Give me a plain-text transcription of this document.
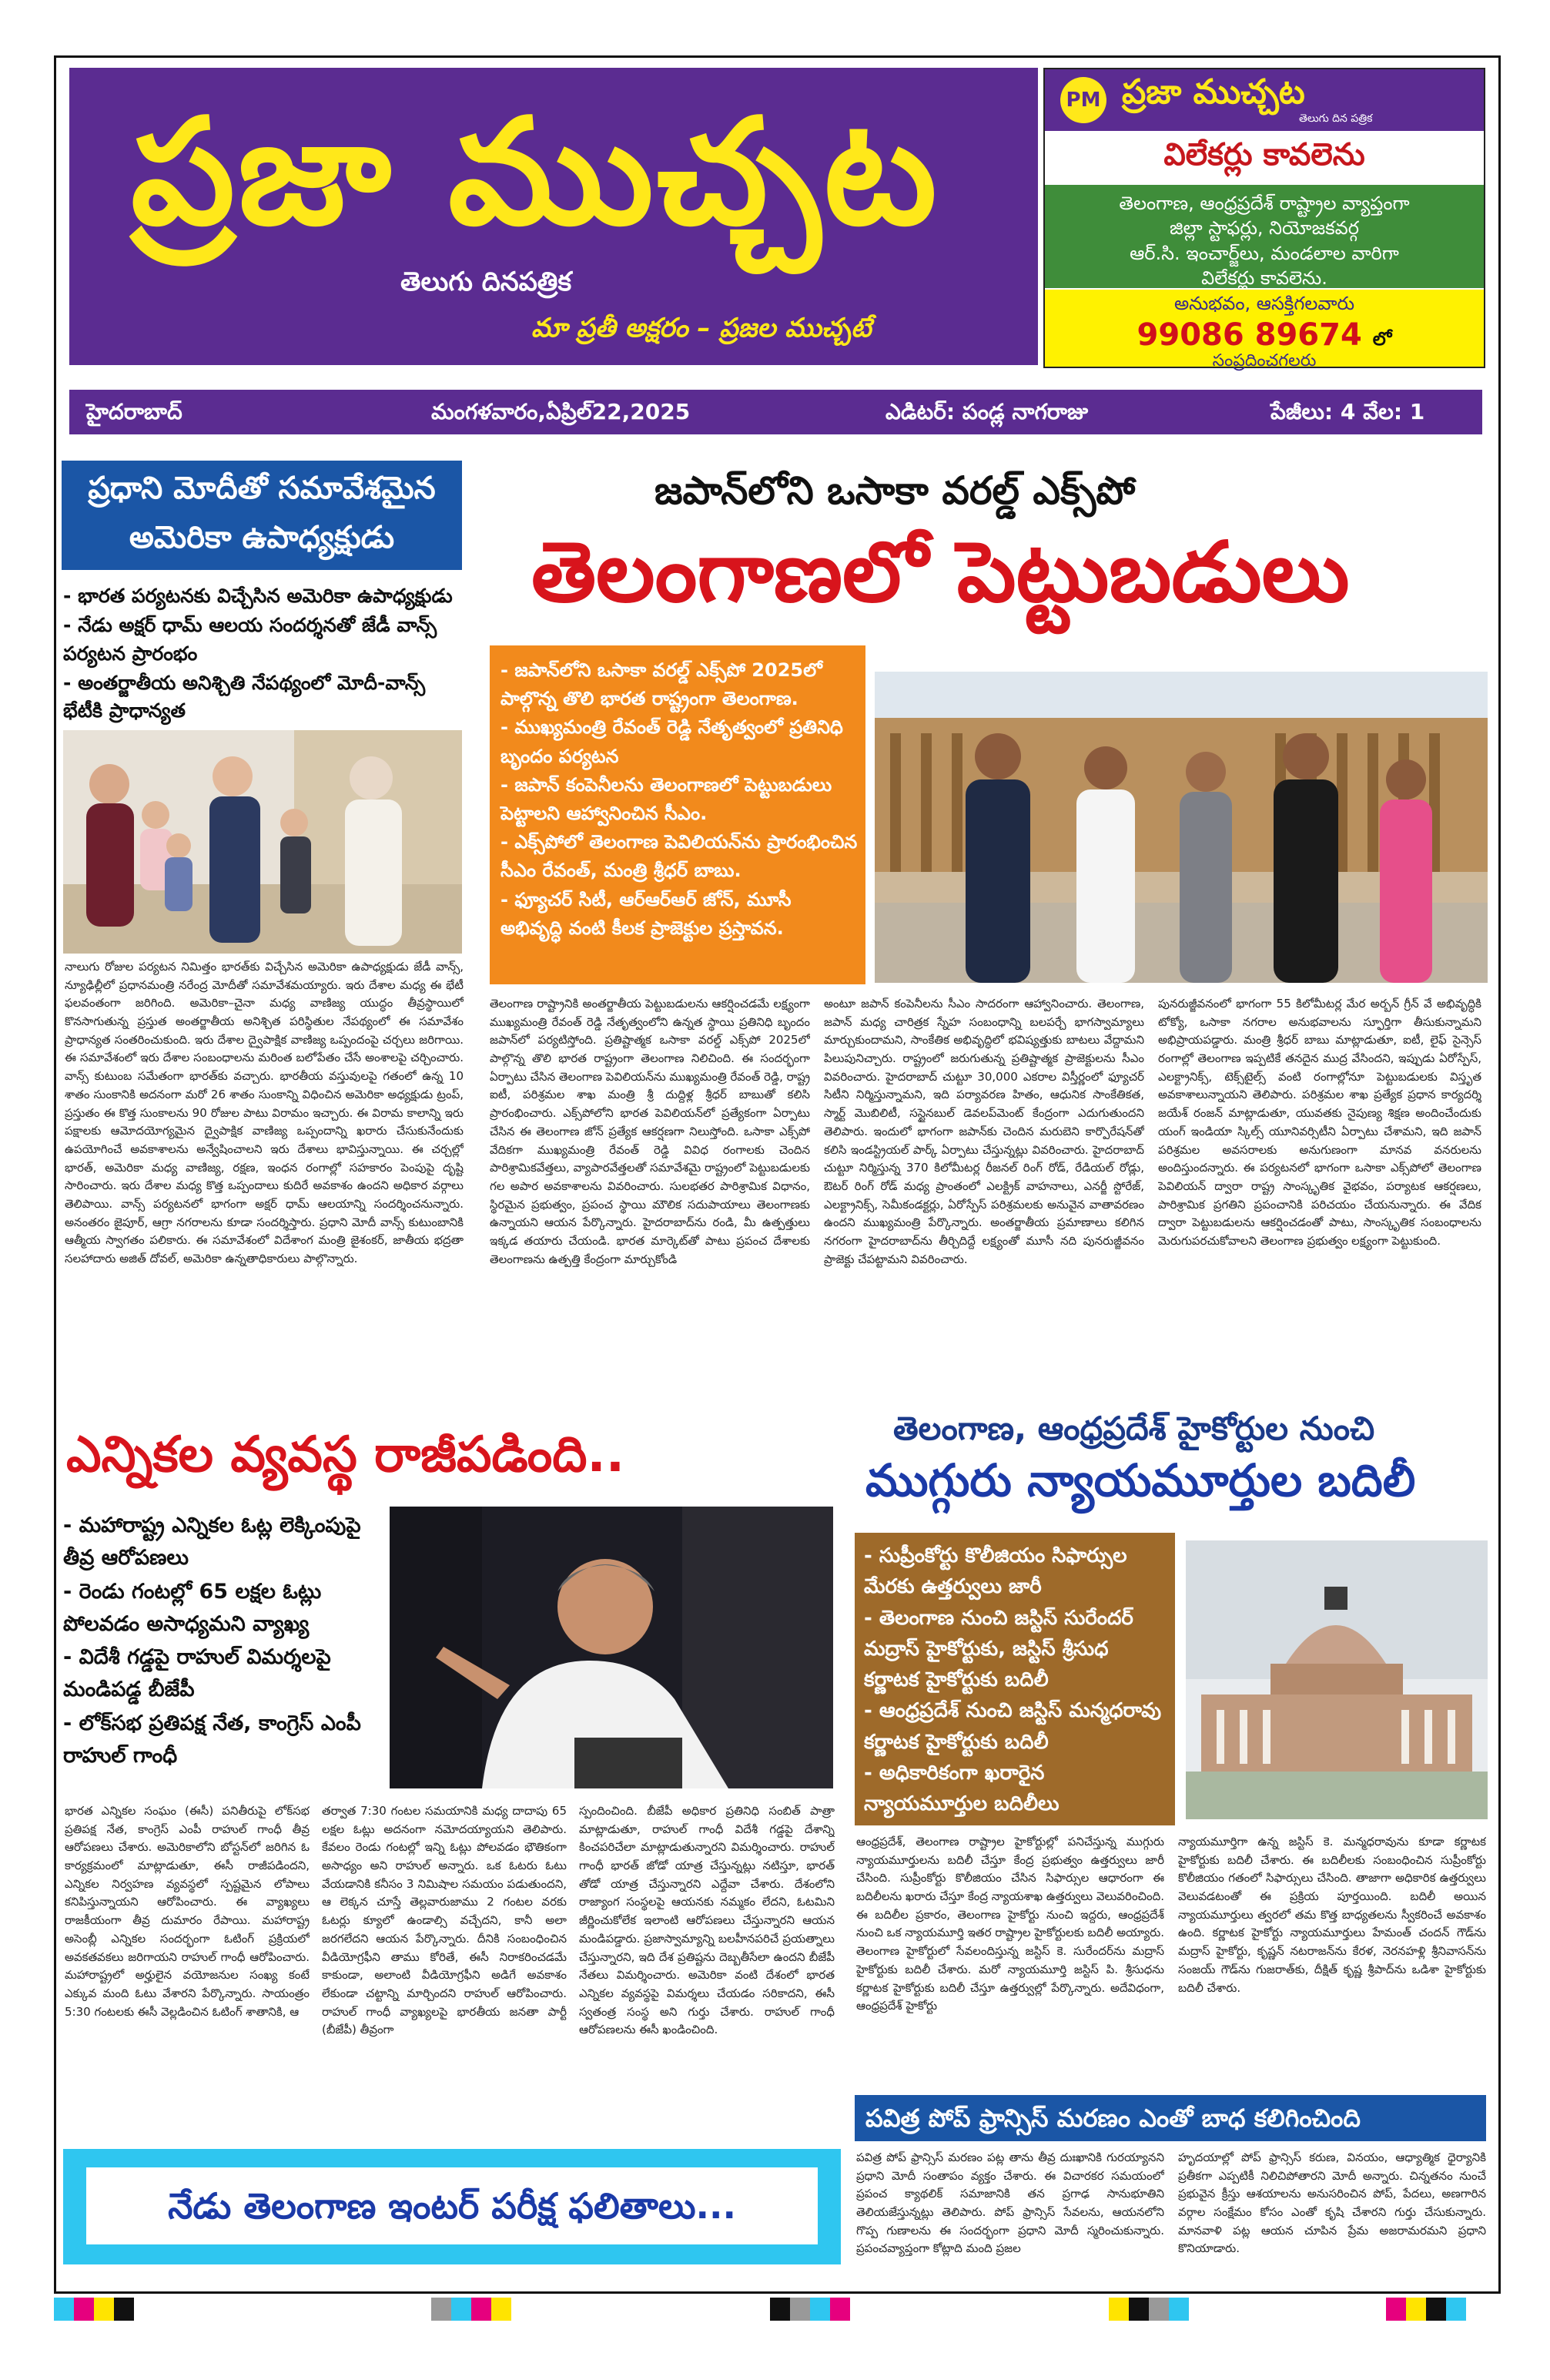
ప్రజా ముచ్చట
తెలుగు దినపత్రిక
మా ప్రతీ అక్షరం – ప్రజల ముచ్చటే
PM ప్రజా ముచ్చట
తెలుగు దిన పత్రిక
విలేకర్లు కావలెను
తెలంగాణ, ఆంధ్రప్రదేశ్ రాష్ట్రాల వ్యాప్తంగా
జిల్లా స్టాఫర్లు, నియోజకవర్గ
ఆర్.సి. ఇంచార్జ్‌లు, మండలాల వారిగా
విలేకర్లు కావలెను.
అనుభవం, ఆసక్తిగలవారు
99086 89674 లో
సంప్రదించగలరు
హైదరాబాద్	మంగళవారం,ఏప్రిల్22,2025	ఎడిటర్: పండ్ల నాగరాజు	పేజీలు: 4 వేల: 1
ప్రధాని మోదీతో సమావేశమైన
అమెరికా ఉపాధ్యక్షుడు
- భారత పర్యటనకు విచ్చేసిన అమెరికా ఉపాధ్యక్షుడు
- నేడు అక్షర్ ధామ్ ఆలయ సందర్శనతో జేడీ వాన్స్ పర్యటన ప్రారంభం
- అంతర్జాతీయ అనిశ్చితి నేపథ్యంలో మోదీ-వాన్స్ భేటీకి ప్రాధాన్యత
నాలుగు రోజుల పర్యటన నిమిత్తం భారత్‌కు విచ్చేసిన అమెరికా ఉపాధ్యక్షుడు జేడీ వాన్స్, న్యూఢిల్లీలో ప్రధానమంత్రి నరేంద్ర మోదీతో సమావేశమయ్యారు. ఇరు దేశాల మధ్య ఈ భేటీ ఫలవంతంగా జరిగింది. అమెరికా–చైనా మధ్య వాణిజ్య యుద్ధం తీవ్రస్థాయిలో కొనసాగుతున్న ప్రస్తుత అంతర్జాతీయ అనిశ్చిత పరిస్థితుల నేపథ్యంలో ఈ సమావేశం ప్రాధాన్యత సంతరించుకుంది. ఇరు దేశాల ద్వైపాక్షిక వాణిజ్య ఒప్పందంపై చర్చలు జరిగాయి. ఈ సమావేశంలో ఇరు దేశాల సంబంధాలను మరింత బలోపేతం చేసే అంశాలపై చర్చించారు. వాన్స్ కుటుంబ సమేతంగా భారత్‌కు వచ్చారు. భారతీయ వస్తువులపై గతంలో ఉన్న 10 శాతం సుంకానికి అదనంగా మరో 26 శాతం సుంకాన్ని విధించిన అమెరికా అధ్యక్షుడు ట్రంప్, ప్రస్తుతం ఈ కొత్త సుంకాలను 90 రోజుల పాటు విరామం ఇచ్చారు. ఈ విరామ కాలాన్ని ఇరు పక్షాలకు ఆమోదయోగ్యమైన ద్వైపాక్షిక వాణిజ్య ఒప్పందాన్ని ఖరారు చేసుకునేందుకు ఉపయోగించే అవకాశాలను అన్వేషించాలని ఇరు దేశాలు భావిస్తున్నాయి. ఈ చర్చల్లో భారత్, అమెరికా మధ్య వాణిజ్య, రక్షణ, ఇంధన రంగాల్లో సహకారం పెంపుపై దృష్టి సారించారు. ఇరు దేశాల మధ్య కొత్త ఒప్పందాలు కుదిరే అవకాశం ఉందని అధికార వర్గాలు తెలిపాయి. వాన్స్ పర్యటనలో భాగంగా అక్షర్ ధామ్ ఆలయాన్ని సందర్శించనున్నారు. అనంతరం జైపూర్, ఆగ్రా నగరాలను కూడా సందర్శిస్తారు. ప్రధాని మోదీ వాన్స్ కుటుంబానికి ఆత్మీయ స్వాగతం పలికారు. ఈ సమావేశంలో విదేశాంగ మంత్రి జైశంకర్, జాతీయ భద్రతా సలహాదారు అజిత్ దోవల్, అమెరికా ఉన్నతాధికారులు పాల్గొన్నారు.
జపాన్‌లోని ఒసాకా వరల్డ్ ఎక్స్‌పో
తెలంగాణలో పెట్టుబడులు
- జపాన్‌లోని ఒసాకా వరల్డ్ ఎక్స్‌పో 2025లో పాల్గొన్న తొలి భారత రాష్ట్రంగా తెలంగాణ.
- ముఖ్యమంత్రి రేవంత్ రెడ్డి నేతృత్వంలో ప్రతినిధి బృందం పర్యటన
- జపాన్ కంపెనీలను తెలంగాణలో పెట్టుబడులు పెట్టాలని ఆహ్వానించిన సీఎం.
- ఎక్స్‌పోలో తెలంగాణ పెవిలియన్‌ను ప్రారంభించిన సీఎం రేవంత్, మంత్రి శ్రీధర్ బాబు.
- ఫ్యూచర్ సిటీ, ఆర్ఆర్ఆర్ జోన్, మూసీ అభివృద్ధి వంటి కీలక ప్రాజెక్టుల ప్రస్తావన.
తెలంగాణ రాష్ట్రానికి అంతర్జాతీయ పెట్టుబడులను ఆకర్షించడమే లక్ష్యంగా ముఖ్యమంత్రి రేవంత్ రెడ్డి నేతృత్వంలోని ఉన్నత స్థాయి ప్రతినిధి బృందం జపాన్‌లో పర్యటిస్తోంది. ప్రతిష్టాత్మక ఒసాకా వరల్డ్ ఎక్స్‌పో 2025లో పాల్గొన్న తొలి భారత రాష్ట్రంగా తెలంగాణ నిలిచింది. ఈ సందర్భంగా ఏర్పాటు చేసిన తెలంగాణ పెవిలియన్‌ను ముఖ్యమంత్రి రేవంత్ రెడ్డి, రాష్ట్ర ఐటీ, పరిశ్రమల శాఖ మంత్రి శ్రీ దుద్దిళ్ల శ్రీధర్ బాబుతో కలిసి ప్రారంభించారు. ఎక్స్‌పోలోని భారత పెవిలియన్‌లో ప్రత్యేకంగా ఏర్పాటు చేసిన ఈ తెలంగాణ జోన్ ప్రత్యేక ఆకర్షణగా నిలుస్తోంది. ఒసాకా ఎక్స్‌పో వేదికగా ముఖ్యమంత్రి రేవంత్ రెడ్డి వివిధ రంగాలకు చెందిన పారిశ్రామికవేత్తలు, వ్యాపారవేత్తలతో సమావేశమై రాష్ట్రంలో పెట్టుబడులకు గల అపార అవకాశాలను వివరించారు. సులభతర పారిశ్రామిక విధానం, స్థిరమైన ప్రభుత్వం, ప్రపంచ స్థాయి మౌలిక సదుపాయాలు తెలంగాణకు ఉన్నాయని ఆయన పేర్కొన్నారు. హైదరాబాద్‌ను రండి, మీ ఉత్పత్తులు ఇక్కడ తయారు చేయండి. భారత మార్కెట్‌తో పాటు ప్రపంచ దేశాలకు తెలంగాణను ఉత్పత్తి కేంద్రంగా మార్చుకోండి
అంటూ జపాన్ కంపెనీలను సీఎం సాదరంగా ఆహ్వానించారు. తెలంగాణ, జపాన్ మధ్య చారిత్రక స్నేహ సంబంధాన్ని బలపర్చే భాగస్వామ్యాలు మార్చుకుందామని, సాంకేతిక అభివృద్ధిలో భవిష్యత్తుకు బాటలు వేద్దామని పిలుపునిచ్చారు. రాష్ట్రంలో జరుగుతున్న ప్రతిష్టాత్మక ప్రాజెక్టులను సీఎం వివరించారు. హైదరాబాద్ చుట్టూ 30,000 ఎకరాల విస్తీర్ణంలో ఫ్యూచర్ సిటీని నిర్మిస్తున్నామని, ఇది పర్యావరణ హితం, ఆధునిక సాంకేతికత, స్మార్ట్ మొబిలిటీ, సస్టైనబుల్ డెవలప్‌మెంట్ కేంద్రంగా ఎదుగుతుందని తెలిపారు. ఇందులో భాగంగా జపాన్‌కు చెందిన మరుబెని కార్పొరేషన్‌తో కలిసి ఇండస్ట్రియల్ పార్క్ ఏర్పాటు చేస్తున్నట్లు వివరించారు. హైదరాబాద్ చుట్టూ నిర్మిస్తున్న 370 కిలోమీటర్ల రీజనల్ రింగ్ రోడ్, రేడియల్ రోడ్లు, ఔటర్ రింగ్ రోడ్ మధ్య ప్రాంతంలో ఎలక్ట్రిక్ వాహనాలు, ఎనర్జీ స్టోరేజ్, ఎలక్ట్రానిక్స్, సెమీకండక్టర్లు, ఏరోస్పేస్ పరిశ్రమలకు అనువైన వాతావరణం ఉందని ముఖ్యమంత్రి పేర్కొన్నారు. అంతర్జాతీయ ప్రమాణాలు కలిగిన నగరంగా హైదరాబాద్‌ను తీర్చిదిద్దే లక్ష్యంతో మూసీ నది పునరుజ్జీవనం ప్రాజెక్టు చేపట్టామని వివరించారు.
పునరుజ్జీవనంలో భాగంగా 55 కిలోమీటర్ల మేర అర్బన్ గ్రీన్ వే అభివృద్ధికి టోక్యో, ఒసాకా నగరాల అనుభవాలను స్ఫూర్తిగా తీసుకున్నామని అభిప్రాయపడ్డారు. మంత్రి శ్రీధర్ బాబు మాట్లాడుతూ, ఐటీ, లైఫ్ సైన్సెస్ రంగాల్లో తెలంగాణ ఇప్పటికే తనదైన ముద్ర వేసిందని, ఇప్పుడు ఏరోస్పేస్, ఎలక్ట్రానిక్స్, టెక్స్‌టైల్స్ వంటి రంగాల్లోనూ పెట్టుబడులకు విస్తృత అవకాశాలున్నాయని తెలిపారు. పరిశ్రమల శాఖ ప్రత్యేక ప్రధాన కార్యదర్శి జయేశ్ రంజన్ మాట్లాడుతూ, యువతకు నైపుణ్య శిక్షణ అందించేందుకు యంగ్ ఇండియా స్కిల్స్ యూనివర్సిటీని ఏర్పాటు చేశామని, ఇది జపాన్ పరిశ్రమల అవసరాలకు అనుగుణంగా మానవ వనరులను అందిస్తుందన్నారు. ఈ పర్యటనలో భాగంగా ఒసాకా ఎక్స్‌పోలో తెలంగాణ పెవిలియన్ ద్వారా రాష్ట్ర సాంస్కృతిక వైభవం, పర్యాటక ఆకర్షణలు, పారిశ్రామిక ప్రగతిని ప్రపంచానికి పరిచయం చేయనున్నారు. ఈ వేదిక ద్వారా పెట్టుబడులను ఆకర్షించడంతో పాటు, సాంస్కృతిక సంబంధాలను మెరుగుపరచుకోవాలని తెలంగాణ ప్రభుత్వం లక్ష్యంగా పెట్టుకుంది.
ఎన్నికల వ్యవస్థ రాజీపడింది..
- మహారాష్ట్ర ఎన్నికల ఓట్ల లెక్కింపుపై తీవ్ర ఆరోపణలు
- రెండు గంటల్లో 65 లక్షల ఓట్లు పోలవడం అసాధ్యమని వ్యాఖ్య
- విదేశీ గడ్డపై రాహుల్ విమర్శలపై మండిపడ్డ బీజేపీ
- లోక్‌సభ ప్రతిపక్ష నేత, కాంగ్రెస్ ఎంపీ రాహుల్ గాంధీ
భారత ఎన్నికల సంఘం (ఈసీ) పనితీరుపై లోక్‌సభ ప్రతిపక్ష నేత, కాంగ్రెస్ ఎంపీ రాహుల్ గాంధీ తీవ్ర ఆరోపణలు చేశారు. అమెరికాలోని బోస్టన్‌లో జరిగిన ఓ కార్యక్రమంలో మాట్లాడుతూ, ఈసీ రాజీపడిందని, ఎన్నికల నిర్వహణ వ్యవస్థలో స్పష్టమైన లోపాలు కనిపిస్తున్నాయని ఆరోపించారు. ఈ వ్యాఖ్యలు రాజకీయంగా తీవ్ర దుమారం రేపాయి. మహారాష్ట్ర అసెంబ్లీ ఎన్నికల సందర్భంగా ఓటింగ్ ప్రక్రియలో అవకతవకలు జరిగాయని రాహుల్ గాంధీ ఆరోపించారు. మహారాష్ట్రలో అర్హులైన వయోజనుల సంఖ్య కంటే ఎక్కువ మంది ఓటు వేశారని పేర్కొన్నారు. సాయంత్రం 5:30 గంటలకు ఈసీ వెల్లడించిన ఓటింగ్ శాతానికి, ఆ
తర్వాత 7:30 గంటల సమయానికి మధ్య దాదాపు 65 లక్షల ఓట్లు అదనంగా నమోదయ్యాయని తెలిపారు. కేవలం రెండు గంటల్లో ఇన్ని ఓట్లు పోలవడం భౌతికంగా అసాధ్యం అని రాహుల్ అన్నారు. ఒక ఓటరు ఓటు వేయడానికి కనీసం 3 నిమిషాల సమయం పడుతుందని, ఆ లెక్కన చూస్తే తెల్లవారుజాము 2 గంటల వరకు ఓటర్లు క్యూలో ఉండాల్సి వచ్చేదని, కానీ అలా జరగలేదని ఆయన పేర్కొన్నారు. దీనికి సంబంధించిన వీడియోగ్రఫీని తాము కోరితే, ఈసీ నిరాకరించడమే కాకుండా, అలాంటి వీడియోగ్రఫీని అడిగే అవకాశం లేకుండా చట్టాన్ని మార్చిందని రాహుల్ ఆరోపించారు. రాహుల్ గాంధీ వ్యాఖ్యలపై భారతీయ జనతా పార్టీ (బీజేపీ) తీవ్రంగా
స్పందించింది. బీజేపీ అధికార ప్రతినిధి సంబిత్ పాత్రా మాట్లాడుతూ, రాహుల్ గాంధీ విదేశీ గడ్డపై దేశాన్ని కించపరిచేలా మాట్లాడుతున్నారని విమర్శించారు. రాహుల్ గాంధీ భారత్ జోడో యాత్ర చేస్తున్నట్లు నటిస్తూ, భారత్ తోడో యాత్ర చేస్తున్నారని ఎద్దేవా చేశారు. దేశంలోని రాజ్యాంగ సంస్థలపై ఆయనకు నమ్మకం లేదని, ఓటమిని జీర్ణించుకోలేక ఇలాంటి ఆరోపణలు చేస్తున్నారని ఆయన మండిపడ్డారు. ప్రజాస్వామ్యాన్ని బలహీనపరిచే ప్రయత్నాలు చేస్తున్నారని, ఇది దేశ ప్రతిష్టను దెబ్బతీసేలా ఉందని బీజేపీ నేతలు విమర్శించారు. అమెరికా వంటి దేశంలో భారత ఎన్నికల వ్యవస్థపై విమర్శలు చేయడం సరికాదని, ఈసీ స్వతంత్ర సంస్థ అని గుర్తు చేశారు. రాహుల్ గాంధీ ఆరోపణలను ఈసీ ఖండించింది.
తెలంగాణ, ఆంధ్రప్రదేశ్ హైకోర్టుల నుంచి
ముగ్గురు న్యాయమూర్తుల బదిలీ
- సుప్రీంకోర్టు కొలీజియం సిఫార్సుల మేరకు ఉత్తర్వులు జారీ
- తెలంగాణ నుంచి జస్టిస్ సురేందర్ మద్రాస్ హైకోర్టుకు, జస్టిస్ శ్రీసుధ కర్ణాటక హైకోర్టుకు బదిలీ
- ఆంధ్రప్రదేశ్ నుంచి జస్టిస్ మన్మధరావు కర్ణాటక హైకోర్టుకు బదిలీ
- అధికారికంగా ఖరారైన న్యాయమూర్తుల బదిలీలు
ఆంధ్రప్రదేశ్, తెలంగాణ రాష్ట్రాల హైకోర్టుల్లో పనిచేస్తున్న ముగ్గురు న్యాయమూర్తులను బదిలీ చేస్తూ కేంద్ర ప్రభుత్వం ఉత్తర్వులు జారీ చేసింది. సుప్రీంకోర్టు కొలీజియం చేసిన సిఫార్సుల ఆధారంగా ఈ బదిలీలను ఖరారు చేస్తూ కేంద్ర న్యాయశాఖ ఉత్తర్వులు వెలువరించింది. ఈ బదిలీల ప్రకారం, తెలంగాణ హైకోర్టు నుంచి ఇద్దరు, ఆంధ్రప్రదేశ్ నుంచి ఒక న్యాయమూర్తి ఇతర రాష్ట్రాల హైకోర్టులకు బదిలీ అయ్యారు. తెలంగాణ హైకోర్టులో సేవలందిస్తున్న జస్టిస్ కె. సురేందర్‌ను మద్రాస్ హైకోర్టుకు బదిలీ చేశారు. మరో న్యాయమూర్తి జస్టిస్ పి. శ్రీసుధను కర్ణాటక హైకోర్టుకు బదిలీ చేస్తూ ఉత్తర్వుల్లో పేర్కొన్నారు. అదేవిధంగా, ఆంధ్రప్రదేశ్ హైకోర్టు
న్యాయమూర్తిగా ఉన్న జస్టిస్ కె. మన్మధరావును కూడా కర్ణాటక హైకోర్టుకు బదిలీ చేశారు. ఈ బదిలీలకు సంబంధించిన సుప్రీంకోర్టు కొలీజియం గతంలో సిఫార్సులు చేసింది. తాజాగా అధికారిక ఉత్తర్వులు వెలువడటంతో ఈ ప్రక్రియ పూర్తయింది. బదిలీ అయిన న్యాయమూర్తులు త్వరలో తమ కొత్త బాధ్యతలను స్వీకరించే అవకాశం ఉంది. కర్ణాటక హైకోర్టు న్యాయమూర్తులు హేమంత్ చందన్ గౌడ్‌ను మద్రాస్ హైకోర్టు, కృష్ణన్ నటరాజన్‌ను కేరళ, నెరనహళ్లి శ్రీనివాసన్‌ను సంజయ్ గౌడ్‌ను గుజరాత్‌కు, దీక్షిత్ కృష్ణ శ్రీపాద్‌ను ఒడిశా హైకోర్టుకు బదిలీ చేశారు.
పవిత్ర పోప్ ఫ్రాన్సిస్ మరణం ఎంతో బాధ కలిగించింది
పవిత్ర పోప్ ఫ్రాన్సిస్ మరణం పట్ల తాను తీవ్ర దుఃఖానికి గురయ్యానని ప్రధాని మోదీ సంతాపం వ్యక్తం చేశారు. ఈ విచారకర సమయంలో ప్రపంచ క్యాథలిక్ సమాజానికి తన ప్రగాఢ సానుభూతిని తెలియజేస్తున్నట్లు తెలిపారు. పోప్ ఫ్రాన్సిస్ సేవలను, ఆయనలోని గొప్ప గుణాలను ఈ సందర్భంగా ప్రధాని మోదీ స్మరించుకున్నారు. ప్రపంచవ్యాప్తంగా కోట్లాది మంది ప్రజల
హృదయాల్లో పోప్ ఫ్రాన్సిస్ కరుణ, వినయం, ఆధ్యాత్మిక ధైర్యానికి ప్రతీకగా ఎప్పటికీ నిలిచిపోతారని మోదీ అన్నారు. చిన్నతనం నుంచే ప్రభువైన క్రీస్తు ఆశయాలను అనుసరించిన పోప్, పేదలు, అణగారిన వర్గాల సంక్షేమం కోసం ఎంతో కృషి చేశారని గుర్తు చేసుకున్నారు. మానవాళి పట్ల ఆయన చూపిన ప్రేమ అజరామరమని ప్రధాని కొనియాడారు.
నేడు తెలంగాణ ఇంటర్ పరీక్ష ఫలితాలు...
